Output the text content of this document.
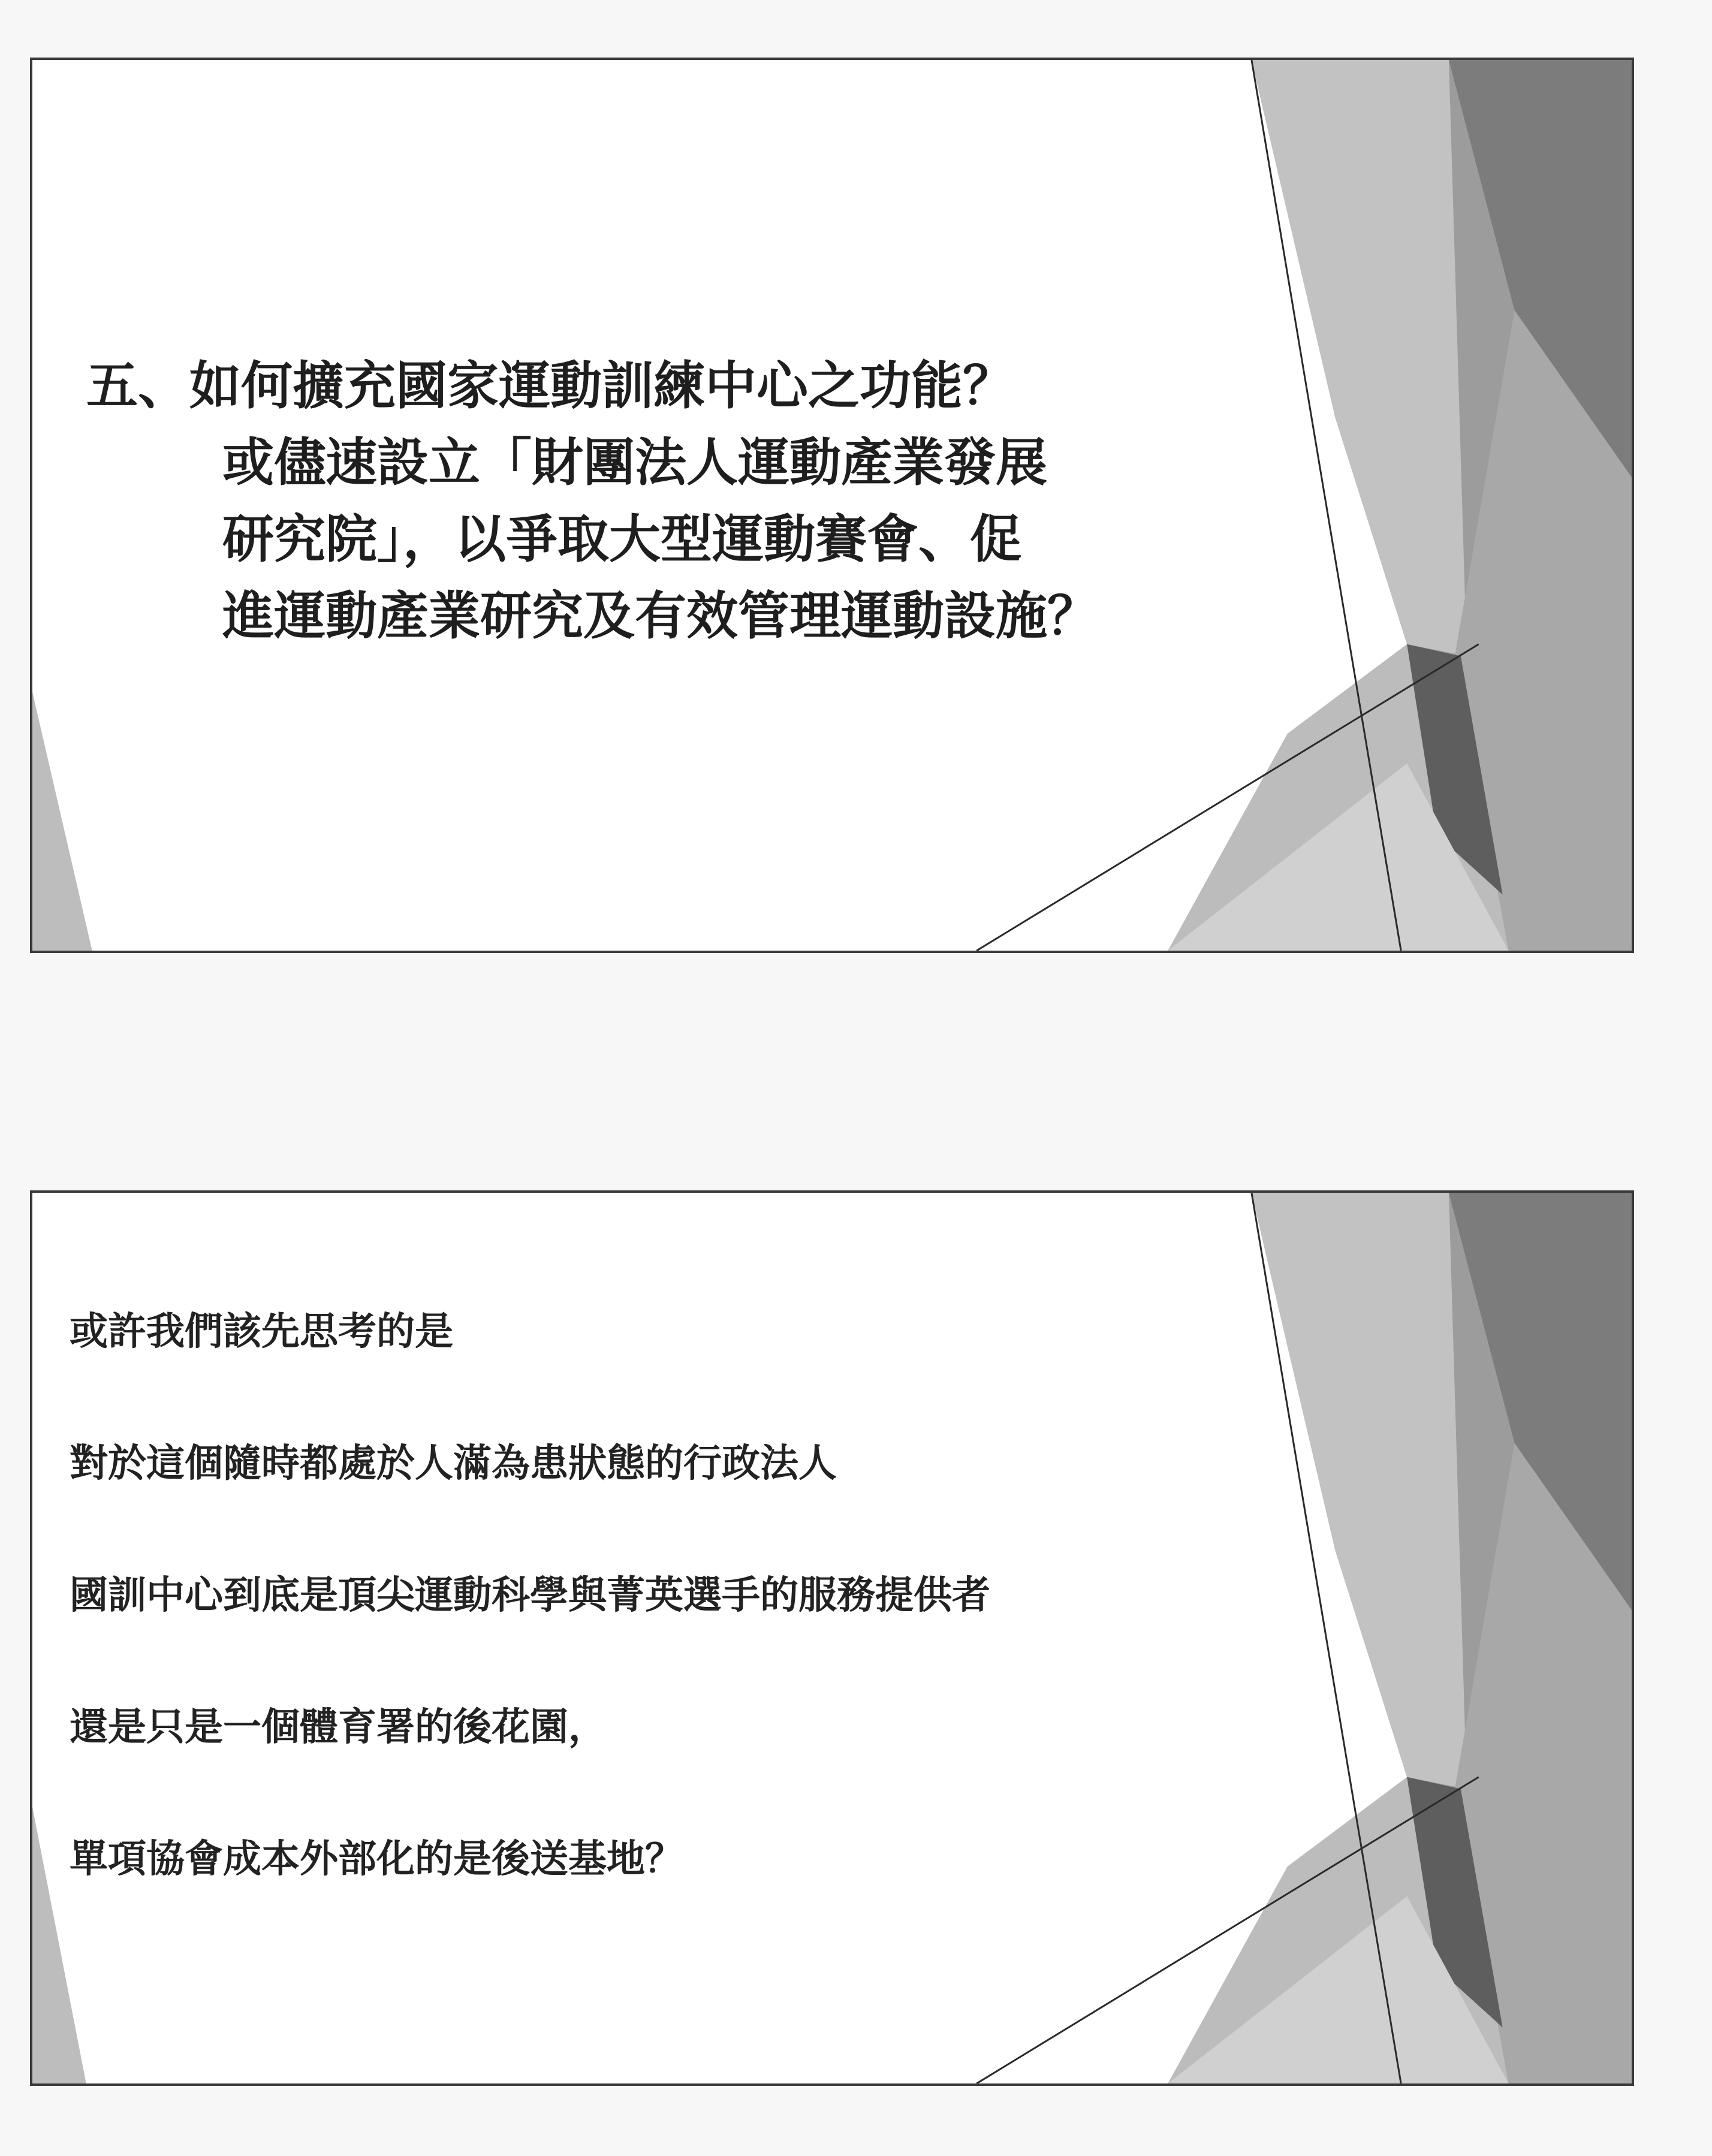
五、如何擴充國家運動訓練中心之功能？
或儘速設立「財團法人運動產業發展
研究院」，以爭取大型運動賽會、促
進運動產業研究及有效管理運動設施？
或許我們該先思考的是
對於這個隨時都處於人滿為患狀態的行政法人
國訓中心到底是頂尖運動科學與菁英選手的服務提供者
還是只是一個體育署的後花園，
單項協會成本外部化的是後送基地？
